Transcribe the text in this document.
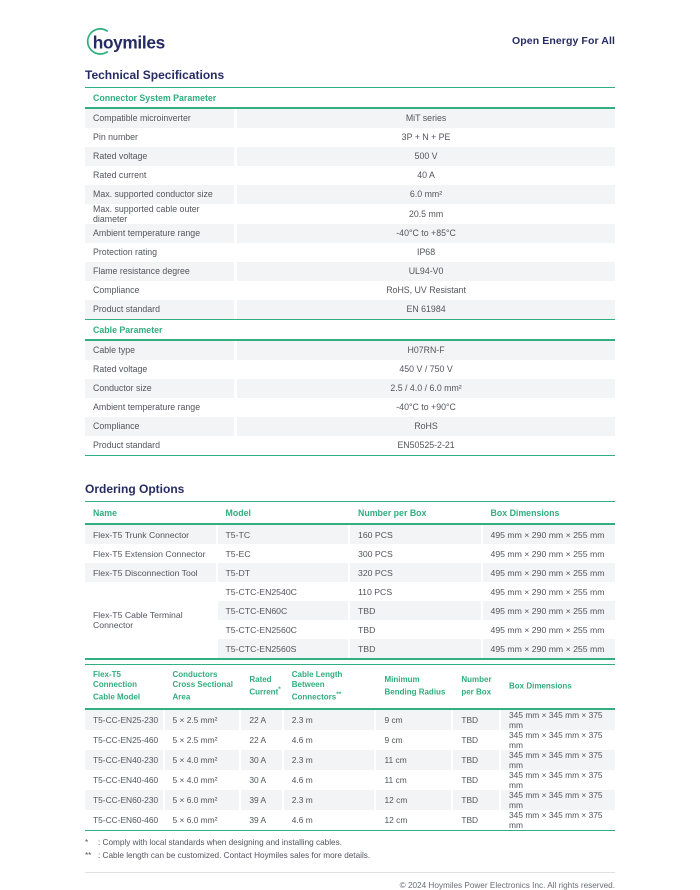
hoymiles	Open Energy For All
Technical Specifications
Connector System Parameter
Compatible microinverter	MiT series
Pin number	3P + N + PE
Rated voltage	500 V
Rated current	40 A
Max. supported conductor size	6.0 mm²
Max. supported cable outer diameter	20.5 mm
Ambient temperature range	-40°C to +85°C
Protection rating	IP68
Flame resistance degree	UL94-V0
Compliance	RoHS, UV Resistant
Product standard	EN 61984
Cable Parameter
Cable type	H07RN-F
Rated voltage	450 V / 750 V
Conductor size	2.5 / 4.0 / 6.0 mm²
Ambient temperature range	-40°C to +90°C
Compliance	RoHS
Product standard	EN50525-2-21
Ordering Options
Name	Model	Number per Box	Box Dimensions
Flex-T5 Trunk Connector	T5-TC	160 PCS	495 mm × 290 mm × 255 mm
Flex-T5 Extension Connector	T5-EC	300 PCS	495 mm × 290 mm × 255 mm
Flex-T5 Disconnection Tool	T5-DT	320 PCS	495 mm × 290 mm × 255 mm
Flex-T5 Cable Terminal Connector	T5-CTC-EN2540C	110 PCS	495 mm × 290 mm × 255 mm
	T5-CTC-EN60C	TBD	495 mm × 290 mm × 255 mm
	T5-CTC-EN2560C	TBD	495 mm × 290 mm × 255 mm
	T5-CTC-EN2560S	TBD	495 mm × 290 mm × 255 mm
Flex-T5 Connection Cable Model	Conductors Cross Sectional Area	Rated Current*	Cable Length Between Connectors**	Minimum Bending Radius	Number per Box	Box Dimensions
T5-CC-EN25-230	5 × 2.5 mm²	22 A	2.3 m	9 cm	TBD	345 mm × 345 mm × 375 mm
T5-CC-EN25-460	5 × 2.5 mm²	22 A	4.6 m	9 cm	TBD	345 mm × 345 mm × 375 mm
T5-CC-EN40-230	5 × 4.0 mm²	30 A	2.3 m	11 cm	TBD	345 mm × 345 mm × 375 mm
T5-CC-EN40-460	5 × 4.0 mm²	30 A	4.6 m	11 cm	TBD	345 mm × 345 mm × 375 mm
T5-CC-EN60-230	5 × 6.0 mm²	39 A	2.3 m	12 cm	TBD	345 mm × 345 mm × 375 mm
T5-CC-EN60-460	5 × 6.0 mm²	39 A	4.6 m	12 cm	TBD	345 mm × 345 mm × 375 mm
* : Comply with local standards when designing and installing cables.
** : Cable length can be customized. Contact Hoymiles sales for more details.
© 2024 Hoymiles Power Electronics Inc. All rights reserved.
